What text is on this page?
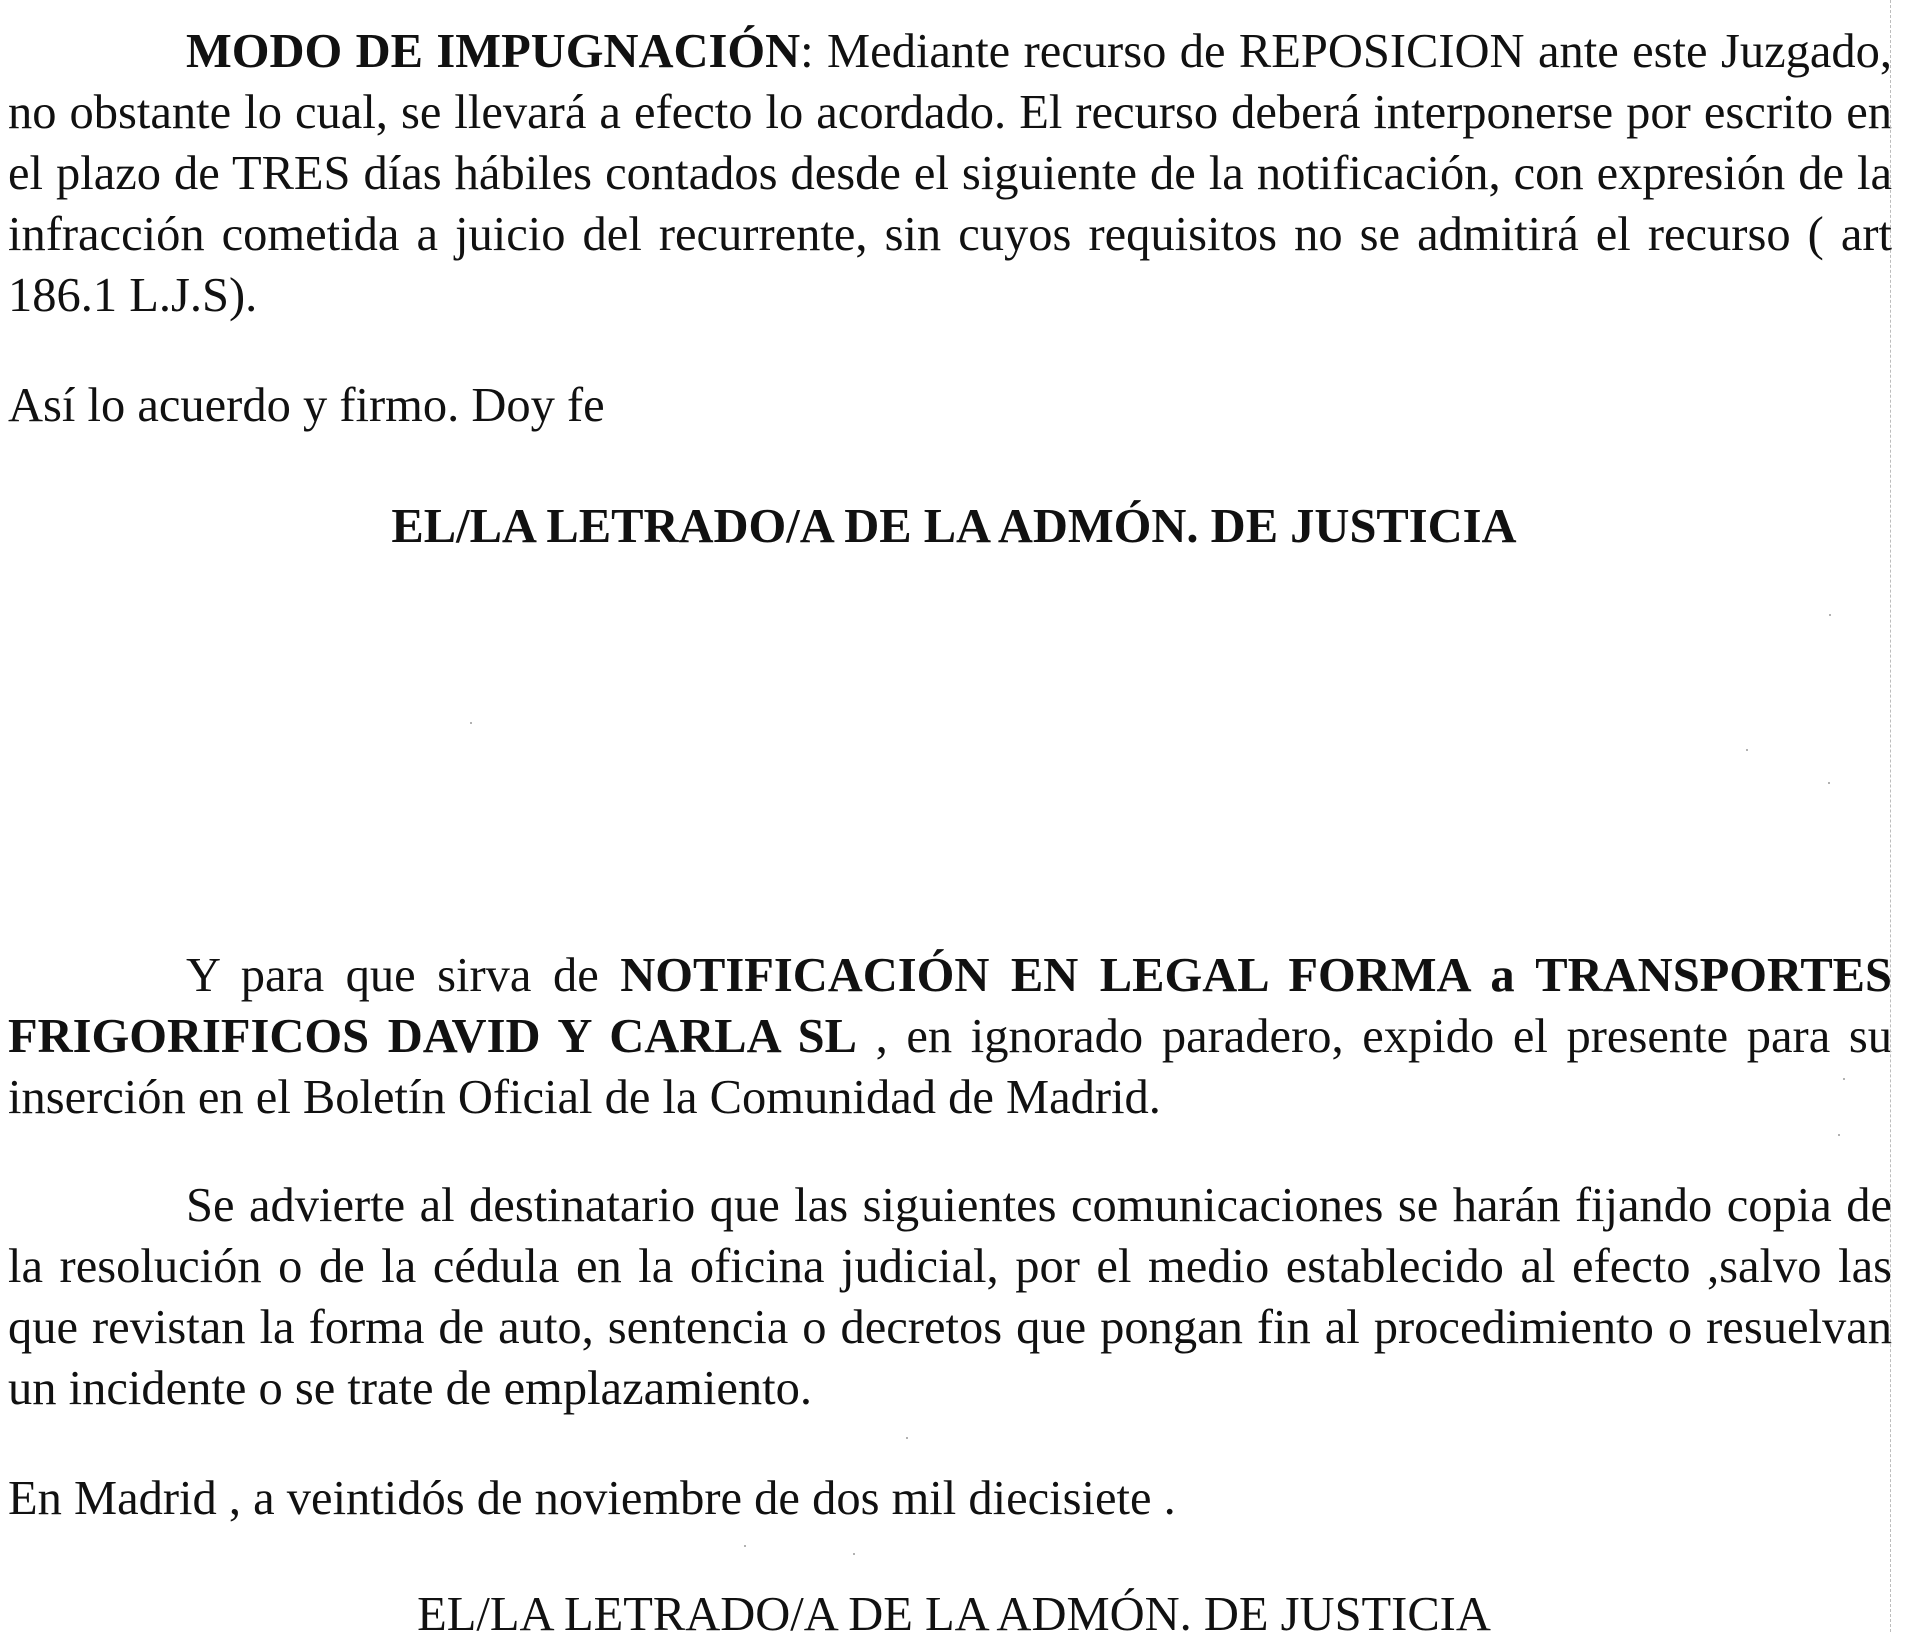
MODO DE IMPUGNACIÓN: Mediante recurso de REPOSICION ante este Juzgado, no obstante lo cual, se llevará a efecto lo acordado. El recurso deberá interponerse por escrito en el plazo de TRES días hábiles contados desde el siguiente de la notificación, con expresión de la infracción cometida a juicio del recurrente, sin cuyos requisitos no se admitirá el recurso ( art 186.1 L.J.S).

Así lo acuerdo y firmo. Doy fe

EL/LA LETRADO/A DE LA ADMÓN. DE JUSTICIA

Y para que sirva de NOTIFICACIÓN EN LEGAL FORMA a TRANSPORTES FRIGORIFICOS DAVID Y CARLA SL , en ignorado paradero, expido el presente para su inserción en el Boletín Oficial de la Comunidad de Madrid.

Se advierte al destinatario que las siguientes comunicaciones se harán fijando copia de la resolución o de la cédula en la oficina judicial, por el medio establecido al efecto ,salvo las que revistan la forma de auto, sentencia o decretos que pongan fin al procedimiento o resuelvan un incidente o se trate de emplazamiento.

En Madrid , a veintidós de noviembre de dos mil diecisiete .

EL/LA LETRADO/A DE LA ADMÓN. DE JUSTICIA
